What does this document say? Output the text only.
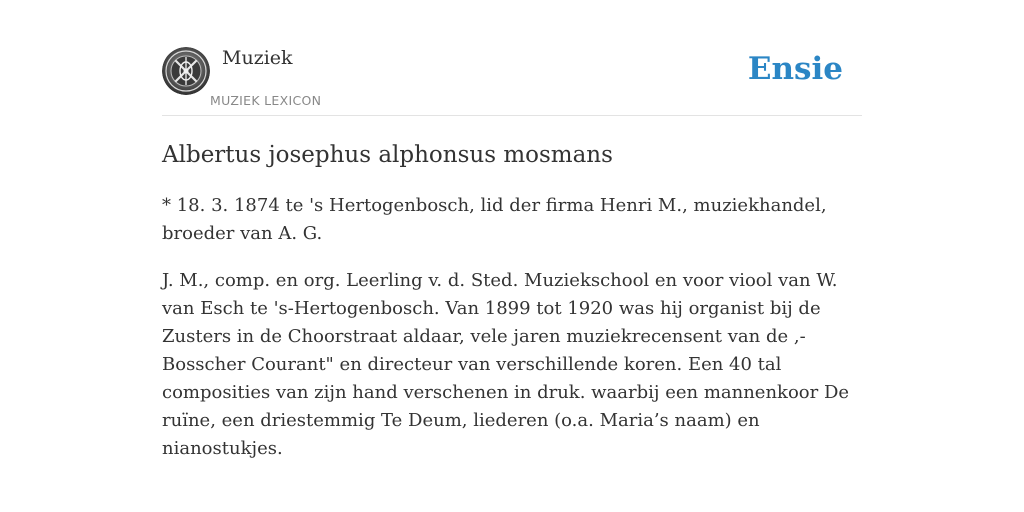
Muziek
MUZIEK LEXICON
Ensie
Albertus josephus alphonsus mosmans

* 18. 3. 1874 te 's Hertogenbosch, lid der firma Henri M., muziekhandel, broeder van A. G.

J. M., comp. en org. Leerling v. d. Sted. Muziekschool en voor viool van W. van Esch te 's-Hertogenbosch. Van 1899 tot 1920 was hij organist bij de Zusters in de Choorstraat aldaar, vele jaren muziekrecensent van de ,-Bosscher Courant" en directeur van verschillende koren. Een 40 tal composities van zijn hand verschenen in druk. waarbij een mannenkoor De ruïne, een driestemmig Te Deum, liederen (o.a. Maria’s naam) en nianostukjes.
